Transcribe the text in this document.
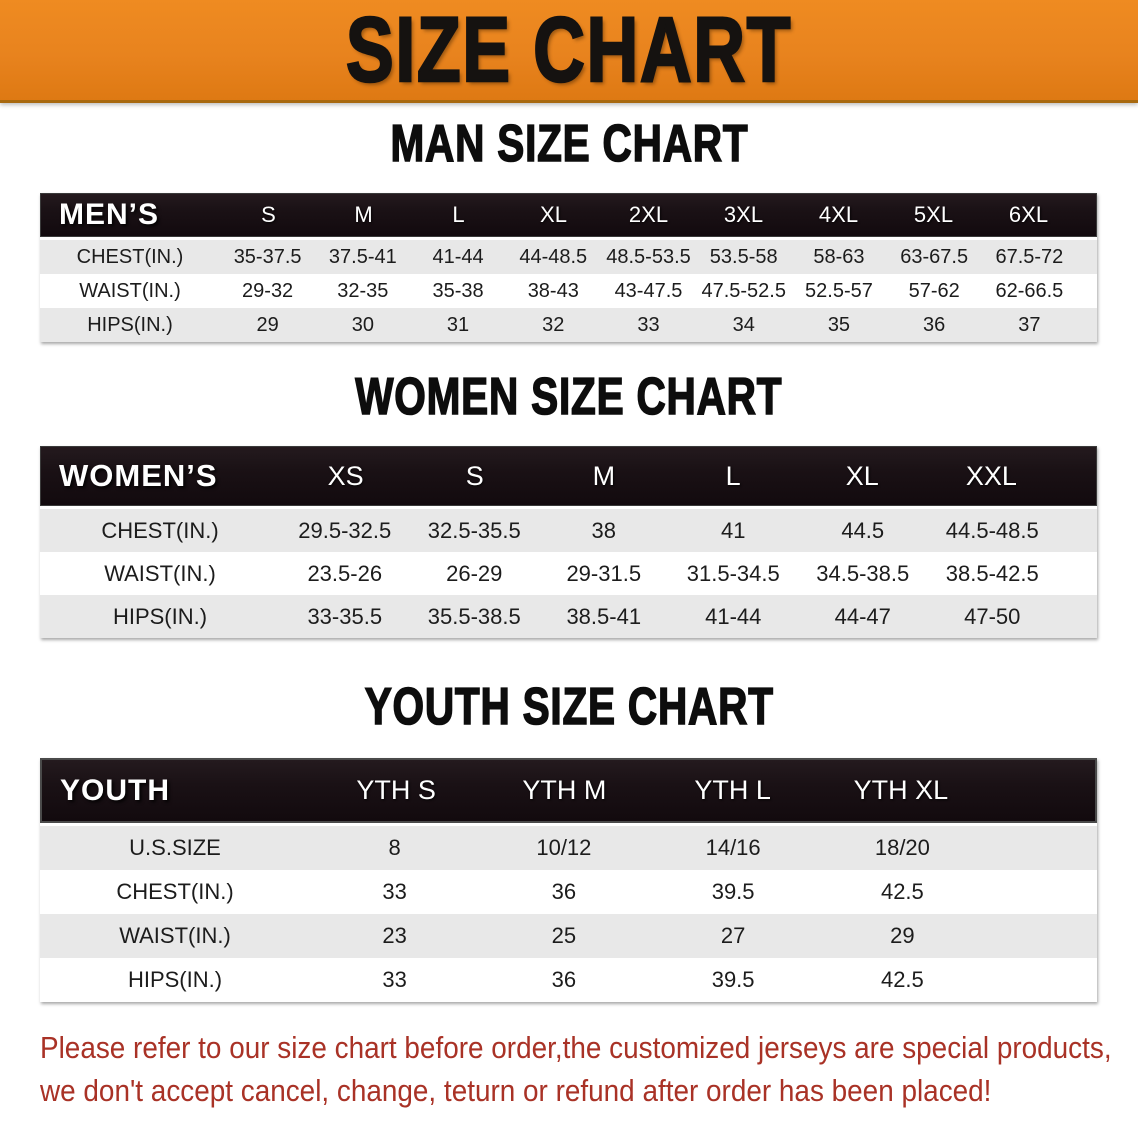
SIZE CHART
MAN SIZE CHART
MEN’S	S	M	L	XL	2XL	3XL	4XL	5XL	6XL
CHEST(IN.)	35-37.5	37.5-41	41-44	44-48.5 48.5-53.5 53.5-58	58-63	63-67.5	67.5-72
WAIST(IN.)	29-32	32-35	35-38	38-43	43-47.5 47.5-52.5 52.5-57	57-62	62-66.5
HIPS(IN.)	29	30	31	32	33	34	35	36	37
WOMEN SIZE CHART
WOMEN’S	XS	S	M	L	XL	XXL
CHEST(IN.)	29.5-32.5	32.5-35.5	38	41	44.5	44.5-48.5
WAIST(IN.)	23.5-26	26-29	29-31.5	31.5-34.5	34.5-38.5	38.5-42.5
HIPS(IN.)	33-35.5	35.5-38.5	38.5-41	41-44	44-47	47-50
YOUTH SIZE CHART
YOUTH	YTH S	YTH M	YTH L	YTH XL
U.S.SIZE	8	10/12	14/16	18/20
CHEST(IN.)	33	36	39.5	42.5
WAIST(IN.)	23	25	27	29
HIPS(IN.)	33	36	39.5	42.5

Please refer to our size chart before order,the customized jerseys are special products,

we don't accept cancel, change, teturn or refund after order has been placed!
